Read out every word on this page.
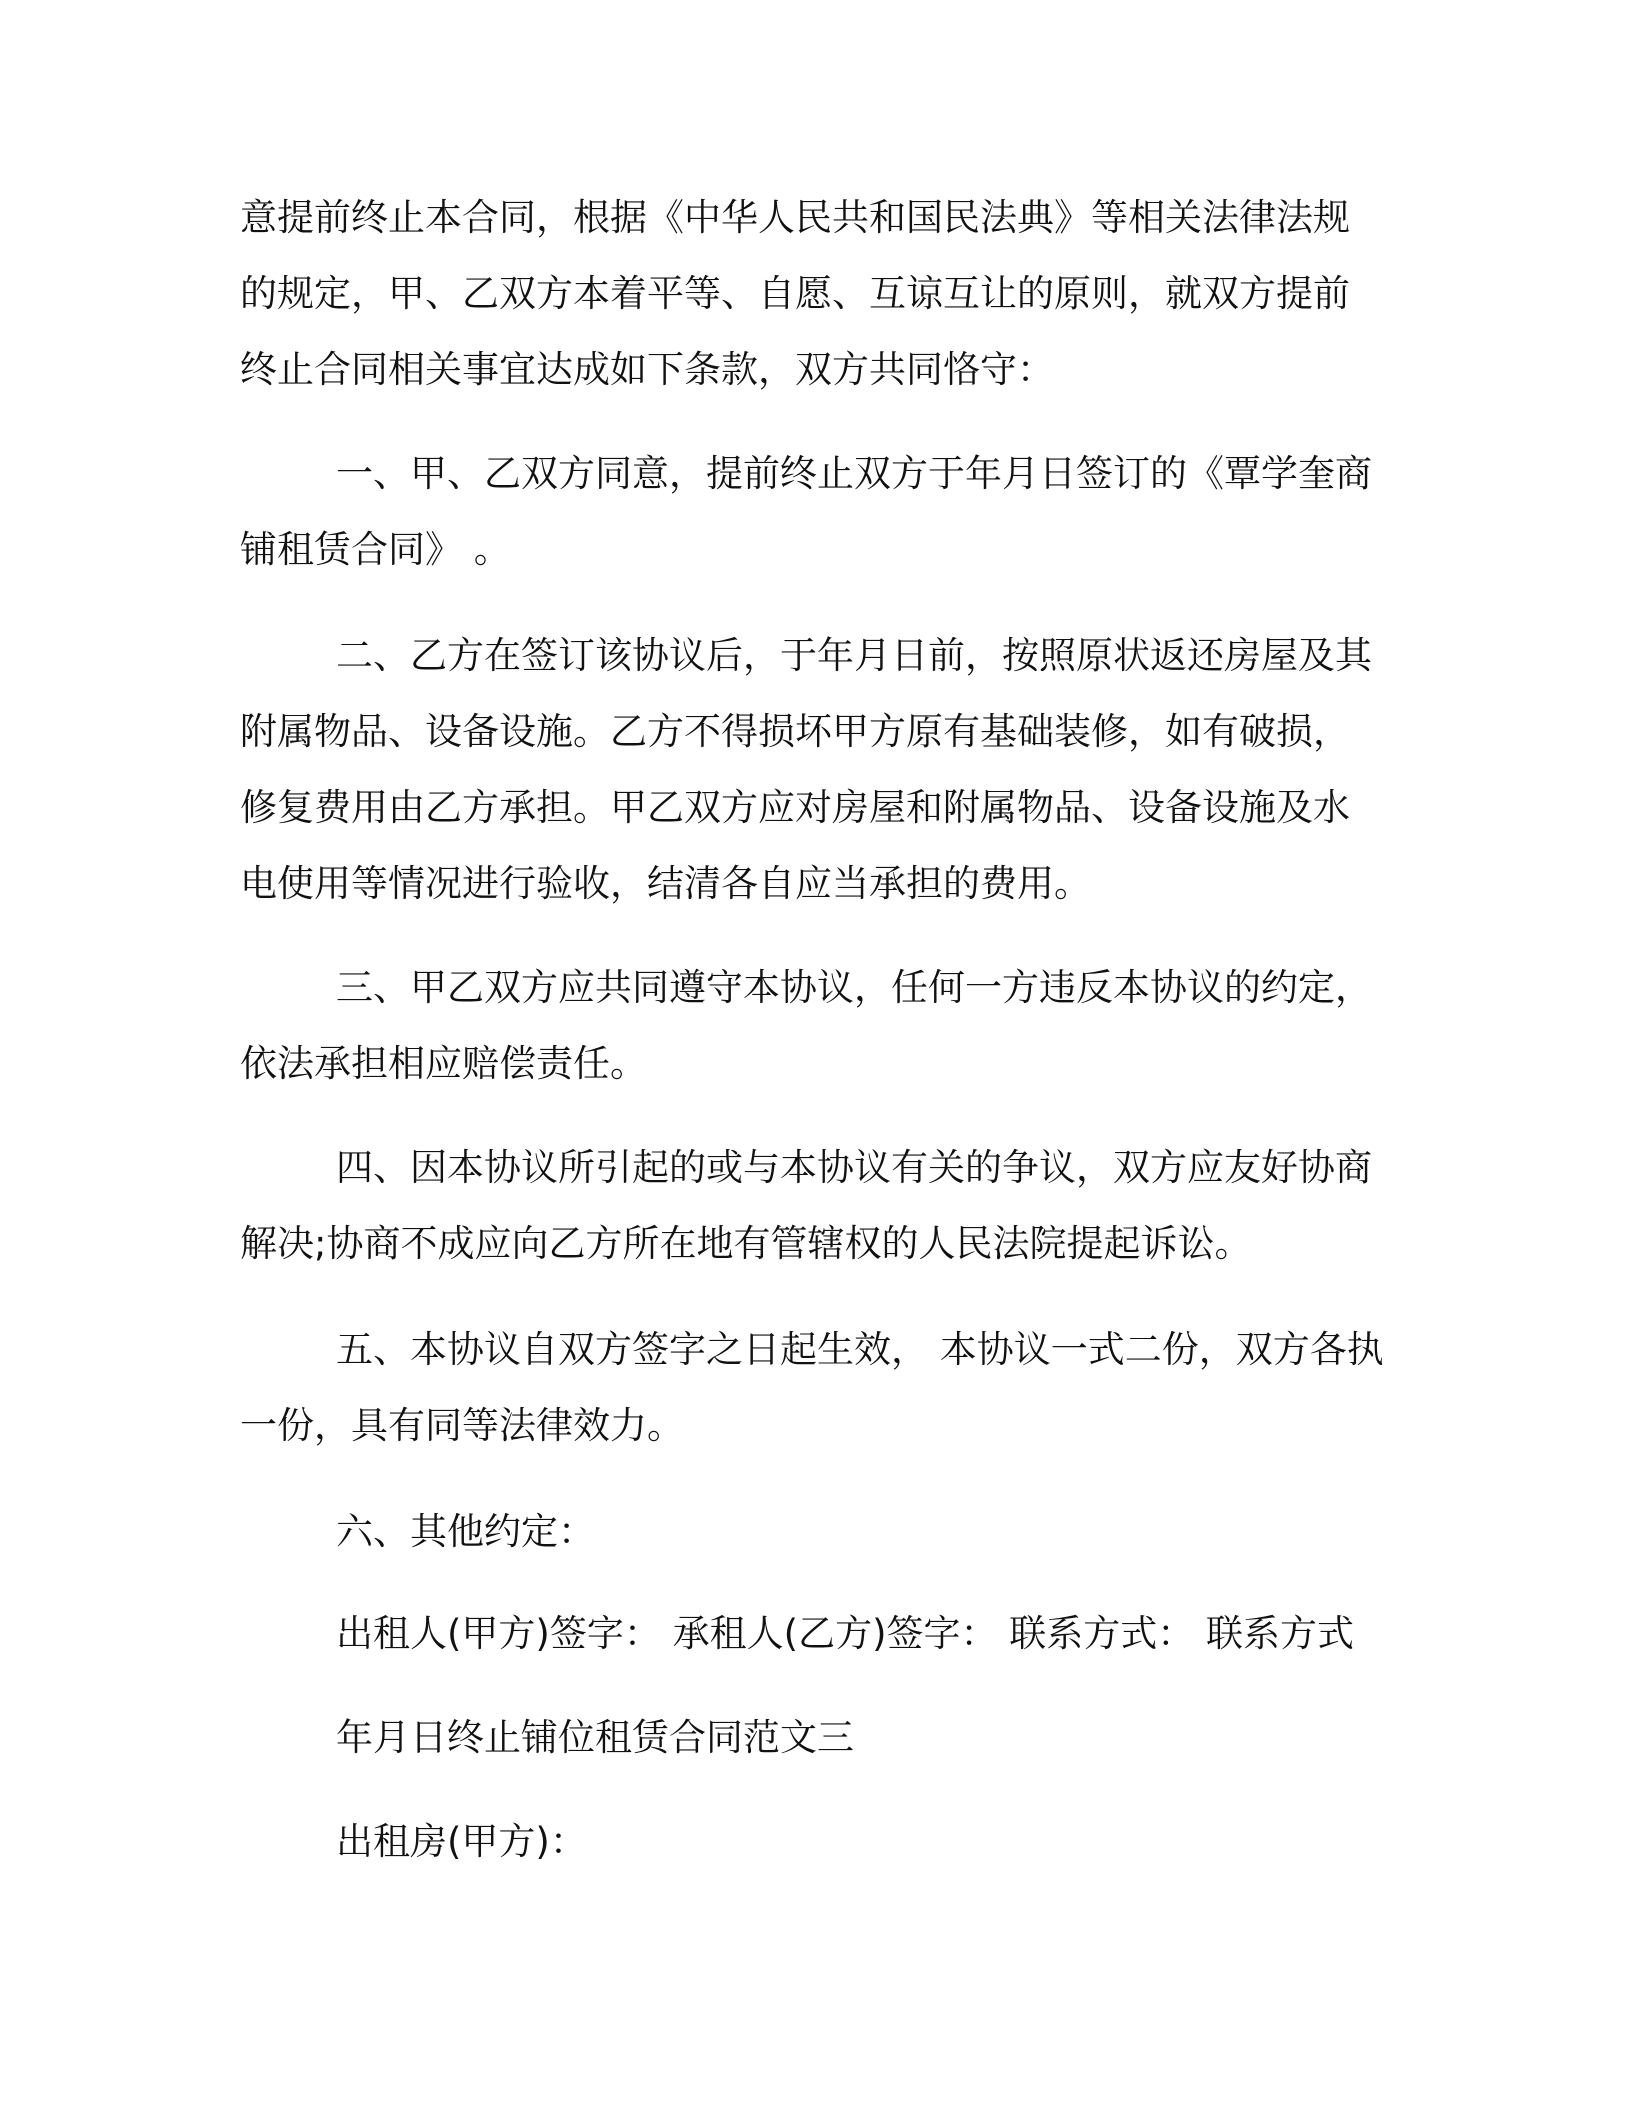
意提前终止本合同，根据《中华人民共和国民法典》等相关法律法规
的规定，甲、乙双方本着平等、自愿、互谅互让的原则，就双方提前
终止合同相关事宜达成如下条款，双方共同恪守：
一、甲、乙双方同意，提前终止双方于年月日签订的《覃学奎商
铺租赁合同》 。
二、乙方在签订该协议后，于年月日前，按照原状返还房屋及其
附属物品、设备设施。乙方不得损坏甲方原有基础装修，如有破损，
修复费用由乙方承担。甲乙双方应对房屋和附属物品、设备设施及水
电使用等情况进行验收，结清各自应当承担的费用。
三、甲乙双方应共同遵守本协议，任何一方违反本协议的约定，
依法承担相应赔偿责任。
四、因本协议所引起的或与本协议有关的争议，双方应友好协商
解决;协商不成应向乙方所在地有管辖权的人民法院提起诉讼。
五、本协议自双方签字之日起生效， 本协议一式二份，双方各执
一份，具有同等法律效力。
六、其他约定：
出租人(甲方)签字： 承租人(乙方)签字： 联系方式： 联系方式
年月日终止铺位租赁合同范文三
出租房(甲方)：
